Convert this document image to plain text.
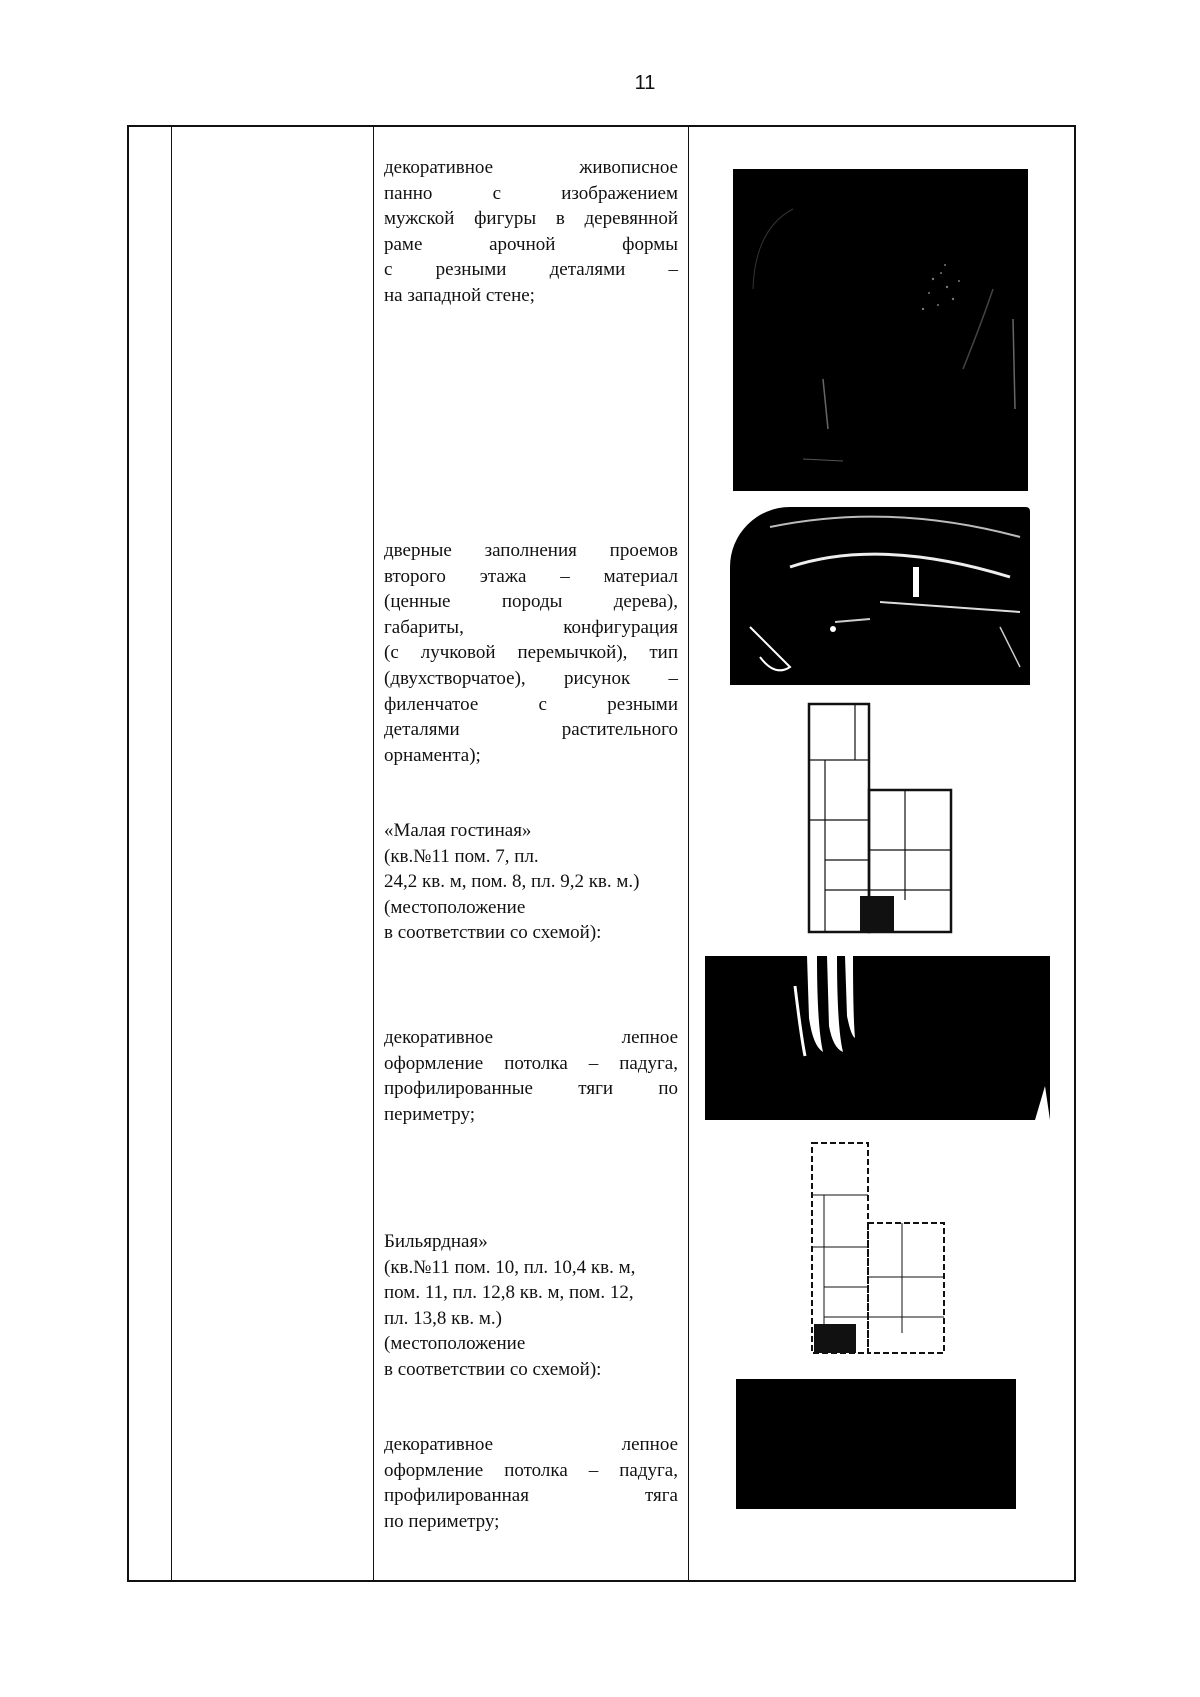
11

декоративное живописное

панно с изображением

мужской фигуры в деревянной

раме арочной формы

с резными деталями –

на западной стене;

дверные заполнения проемов

второго этажа – материал

(ценные породы дерева),

габариты, конфигурация

(с лучковой перемычкой), тип

(двухстворчатое), рисунок –

филенчатое с резными

деталями растительного

орнамента);

«Малая гостиная»

(кв.№11 пом. 7, пл.

24,2 кв. м, пом. 8, пл. 9,2 кв. м.)

(местоположение

в соответствии со схемой):

декоративное лепное

оформление потолка – падуга,

профилированные тяги по

периметру;

Бильярдная»

(кв.№11 пом. 10, пл. 10,4 кв. м,

пом. 11, пл. 12,8 кв. м, пом. 12,

пл. 13,8 кв. м.)

(местоположение

в соответствии со схемой):

декоративное лепное

оформление потолка – падуга,

профилированная тяга

по периметру;
